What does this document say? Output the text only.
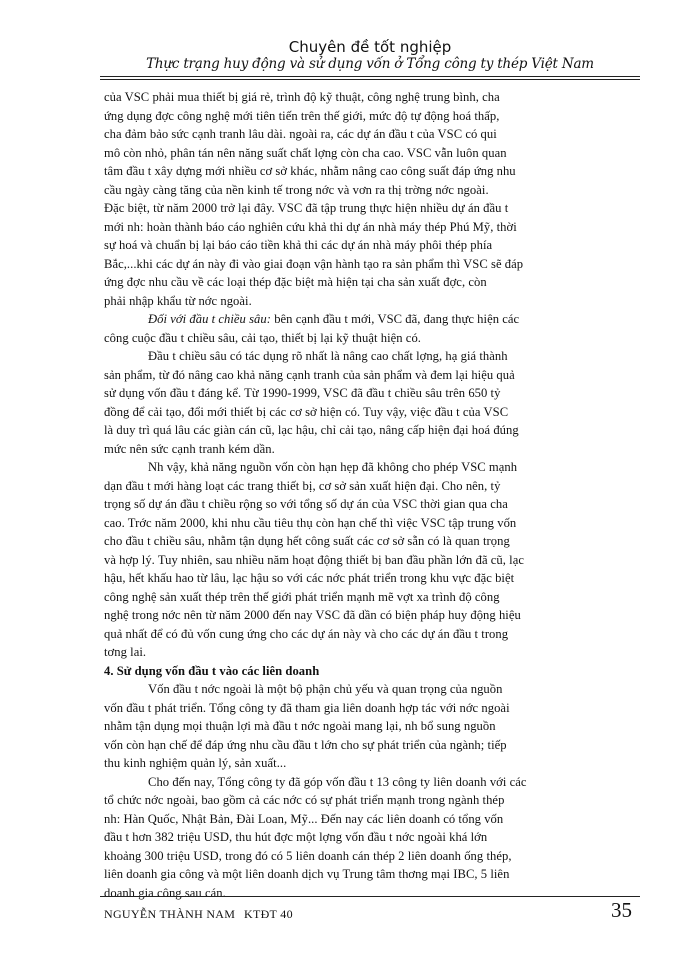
Chuyên đề tốt nghiệp
Thực trạng huy động và sử dụng vốn ở Tổng công ty thép Việt Nam
của VSC phải mua thiết bị giá rẻ, trình độ kỹ thuật, công nghệ trung bình, cha
ứng dụng đợc công nghệ mới tiên tiến trên thế giới, mức độ tự động hoá thấp,
cha đảm bảo sức cạnh tranh lâu dài. ngoài ra, các dự án đầu t của VSC có qui
mô còn nhỏ, phân tán nên năng suất chất lợng còn cha cao. VSC vẫn luôn quan
tâm đầu t xây dựng mới nhiều cơ sở khác, nhằm nâng cao công suất đáp ứng nhu
cầu ngày càng tăng của nền kinh tế trong nớc và vơn ra thị trờng nớc ngoài.
Đặc biệt, từ năm 2000 trở lại đây. VSC đã tập trung thực hiện nhiều dự án đầu t
mới nh: hoàn thành báo cáo nghiên cứu khả thi dự án nhà máy thép Phú Mỹ, thời
sự hoá và chuẩn bị lại báo cáo tiền khả thi các dự án nhà máy phôi thép phía
Bắc,...khi các dự án này đi vào giai đoạn vận hành tạo ra sản phẩm thì VSC sẽ đáp
ứng đợc nhu cầu về các loại thép đặc biệt mà hiện tại cha sản xuất đợc, còn
phải nhập khẩu từ nớc ngoài.
Đối với đầu t chiều sâu: bên cạnh đầu t mới, VSC đã, đang thực hiện các
công cuộc đầu t chiều sâu, cải tạo, thiết bị lại kỹ thuật hiện có.
Đầu t chiều sâu có tác dụng rõ nhất là nâng cao chất lợng, hạ giá thành
sản phẩm, từ đó nâng cao khả năng cạnh tranh của sản phẩm và đem lại hiệu quả
sử dụng vốn đầu t đáng kể. Từ 1990-1999, VSC đã đầu t chiều sâu trên 650 tỷ
đồng để cải tạo, đổi mới thiết bị các cơ sở hiện có. Tuy vậy, việc đầu t của VSC
là duy trì quá lâu các giàn cán cũ, lạc hậu, chỉ cải tạo, nâng cấp hiện đại hoá đúng
mức nên sức cạnh tranh kém dần.
Nh vậy, khả năng nguồn vốn còn hạn hẹp đã không cho phép VSC mạnh
dạn đầu t mới hàng loạt các trang thiết bị, cơ sở sản xuất hiện đại. Cho nên, tỷ
trọng số dự án đầu t chiều rộng so với tổng số dự án của VSC thời gian qua cha
cao. Trớc năm 2000, khi nhu cầu tiêu thụ còn hạn chế thì việc VSC tập trung vốn
cho đầu t chiều sâu, nhằm tận dụng hết công suất các cơ sở sẵn có là quan trọng
và hợp lý. Tuy nhiên, sau nhiều năm hoạt động thiết bị ban đầu phần lớn đã cũ, lạc
hậu, hết khấu hao từ lâu, lạc hậu so với các nớc phát triển trong khu vực đặc biệt
công nghệ sản xuất thép trên thế giới phát triển mạnh mẽ vợt xa trình độ công
nghệ trong nớc nên từ năm 2000 đến nay VSC đã dần có biện pháp huy động hiệu
quả nhất để có đủ vốn cung ứng cho các dự án này và cho các dự án đầu t trong
tơng lai.
4. Sử dụng vốn đầu t vào các liên doanh
Vốn đầu t nớc ngoài là một bộ phận chủ yếu và quan trọng của nguồn
vốn đầu t phát triển. Tổng công ty đã tham gia liên doanh hợp tác với nớc ngoài
nhằm tận dụng mọi thuận lợi mà đầu t nớc ngoài mang lại, nh bổ sung nguồn
vốn còn hạn chế để đáp ứng nhu cầu đầu t lớn cho sự phát triển của ngành; tiếp
thu kinh nghiệm quản lý, sản xuất...
Cho đến nay, Tổng công ty đã góp vốn đầu t 13 công ty liên doanh với các
tổ chức nớc ngoài, bao gồm cả các nớc có sự phát triển mạnh trong ngành thép
nh: Hàn Quốc, Nhật Bản, Đài Loan, Mỹ... Đến nay các liên doanh có tổng vốn
đầu t hơn 382 triệu USD, thu hút đợc một lợng vốn đầu t nớc ngoài khá lớn
khoảng 300 triệu USD, trong đó có 5 liên doanh cán thép 2 liên doanh ống thép,
liên doanh gia công và một liên doanh dịch vụ Trung tâm thơng mại IBC, 5 liên
doanh gia công sau cán.
NGUYỄN THÀNH NAM KTĐT 40	35
